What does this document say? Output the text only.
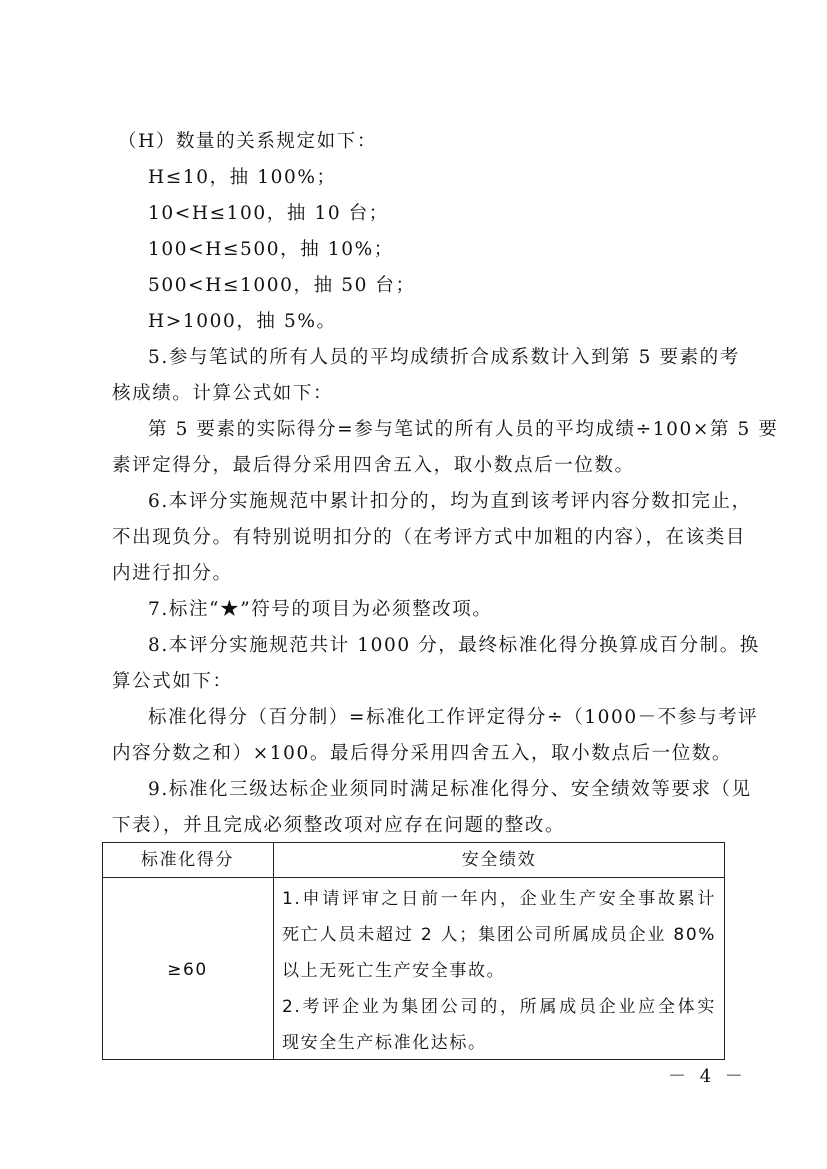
（H）数量的关系规定如下：
H≤10，抽 100%；
10<H≤100，抽 10 台；
100<H≤500，抽 10%；
500<H≤1000，抽 50 台；
H>1000，抽 5%。
5.参与笔试的所有人员的平均成绩折合成系数计入到第 5 要素的考
核成绩。计算公式如下：
第 5 要素的实际得分=参与笔试的所有人员的平均成绩÷100×第 5 要
素评定得分，最后得分采用四舍五入，取小数点后一位数。
6.本评分实施规范中累计扣分的，均为直到该考评内容分数扣完止，
不出现负分。有特别说明扣分的（在考评方式中加粗的内容），在该类目
内进行扣分。
7.标注“★”符号的项目为必须整改项。
8.本评分实施规范共计 1000 分，最终标准化得分换算成百分制。换
算公式如下：
标准化得分（百分制）=标准化工作评定得分÷（1000－不参与考评
内容分数之和）×100。最后得分采用四舍五入，取小数点后一位数。
9.标准化三级达标企业须同时满足标准化得分、安全绩效等要求（见
下表），并且完成必须整改项对应存在问题的整改。
标准化得分	安全绩效
≥60
1.申请评审之日前一年内，企业生产安全事故累计
死亡人员未超过 2 人；集团公司所属成员企业 80%
以上无死亡生产安全事故。
2.考评企业为集团公司的，所属成员企业应全体实
现安全生产标准化达标。
－ 4 －
